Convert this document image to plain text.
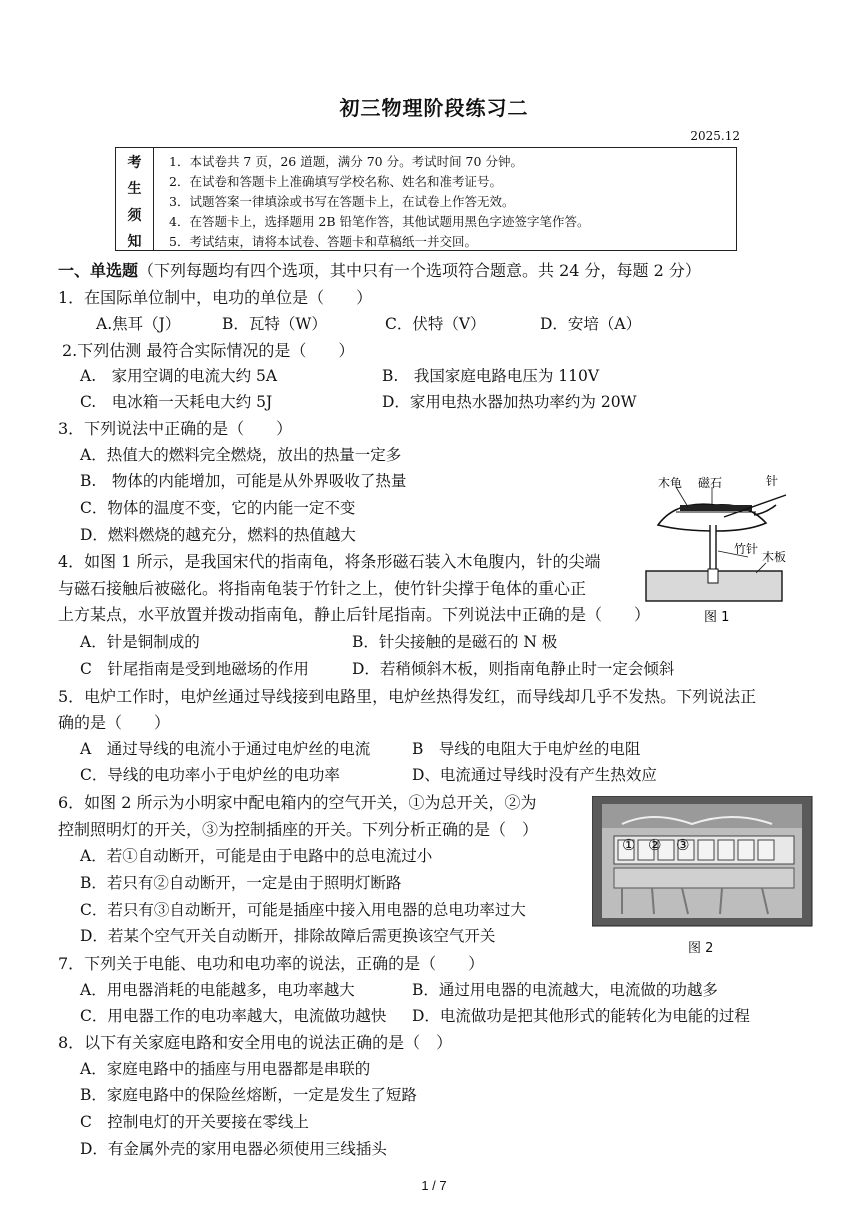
初三物理阶段练习二
2025.12
考
生
须
知
1．本试卷共 7 页，26 道题，满分 70 分。考试时间 70 分钟。
2．在试卷和答题卡上准确填写学校名称、姓名和准考证号。
3．试题答案一律填涂或书写在答题卡上，在试卷上作答无效。
4．在答题卡上，选择题用 2B 铅笔作答，其他试题用黑色字迹签字笔作答。
5．考试结束，请将本试卷、答题卡和草稿纸一并交回。
一、单选题（下列每题均有四个选项，其中只有一个选项符合题意。共 24 分，每题 2 分）
1．在国际单位制中，电功的单位是（　　）
A.焦耳（J）	B．瓦特（W）	C．伏特（V）	D．安培（A）
2.下列估测 最符合实际情况的是（　　）
A.　家用空调的电流大约 5A	B.　我国家庭电路电压为 110V
C.　电冰箱一天耗电大约 5J	D．家用电热水器加热功率约为 20W
3．下列说法中正确的是（　　）
A．热值大的燃料完全燃烧，放出的热量一定多
B.　物体的内能增加，可能是从外界吸收了热量
C．物体的温度不变，它的内能一定不变
D．燃料燃烧的越充分，燃料的热值越大
木龟 磁石	针
竹针
木板
图 1
4．如图 1 所示，是我国宋代的指南龟，将条形磁石装入木龟腹内，针的尖端
与磁石接触后被磁化。将指南龟装于竹针之上，使竹针尖撑于龟体的重心正
上方某点，水平放置并拨动指南龟，静止后针尾指南。下列说法中正确的是（　　）
A．针是铜制成的	B．针尖接触的是磁石的 N 极
C　针尾指南是受到地磁场的作用	D．若稍倾斜木板，则指南龟静止时一定会倾斜
5．电炉工作时，电炉丝通过导线接到电路里，电炉丝热得发红，而导线却几乎不发热。下列说法正
确的是（　　）
A　通过导线的电流小于通过电炉丝的电流	B　导线的电阻大于电炉丝的电阻
C．导线的电功率小于电炉丝的电功率	D、电流通过导线时没有产生热效应
6．如图 2 所示为小明家中配电箱内的空气开关，①为总开关，②为
控制照明灯的开关，③为控制插座的开关。下列分析正确的是（　）
A．若①自动断开，可能是由于电路中的总电流过小
B．若只有②自动断开，一定是由于照明灯断路
C．若只有③自动断开，可能是插座中接入用电器的总电功率过大
D．若某个空气开关自动断开，排除故障后需更换该空气开关
① ② ③
图 2
7．下列关于电能、电功和电功率的说法，正确的是（　　）
A．用电器消耗的电能越多，电功率越大	B．通过用电器的电流越大，电流做的功越多
C．用电器工作的电功率越大，电流做功越快 D．电流做功是把其他形式的能转化为电能的过程
8．以下有关家庭电路和安全用电的说法正确的是（　）
A．家庭电路中的插座与用电器都是串联的
B．家庭电路中的保险丝熔断，一定是发生了短路
C　控制电灯的开关要接在零线上
D．有金属外壳的家用电器必须使用三线插头
1 / 7
